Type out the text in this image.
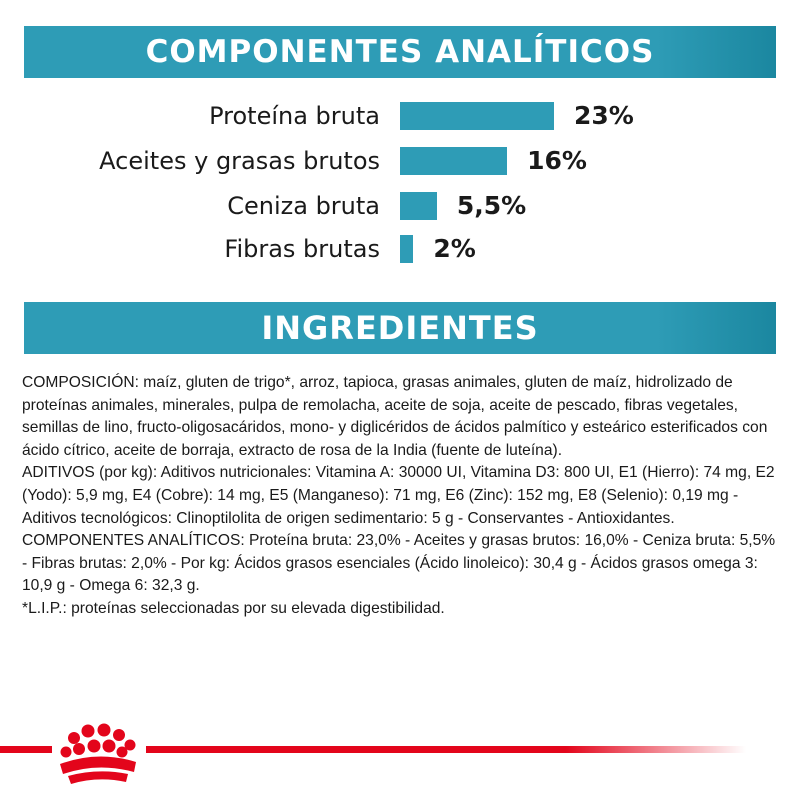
COMPONENTES ANALÍTICOS
Proteína bruta	23%
Aceites y grasas brutos	16%
Ceniza bruta	5,5%
Fibras brutas 2%
INGREDIENTES

COMPOSICIÓN: maíz, gluten de trigo*, arroz, tapioca, grasas animales, gluten de maíz, hidrolizado de proteínas animales, minerales, pulpa de remolacha, aceite de soja, aceite de pescado, fibras vegetales, semillas de lino, fructo-oligosacáridos, mono- y diglicéridos de ácidos palmítico y esteárico esterificados con ácido cítrico, aceite de borraja, extracto de rosa de la India (fuente de luteína).

ADITIVOS (por kg): Aditivos nutricionales: Vitamina A: 30000 UI, Vitamina D3: 800 UI, E1 (Hierro): 74 mg, E2 (Yodo): 5,9 mg, E4 (Cobre): 14 mg, E5 (Manganeso): 71 mg, E6 (Zinc): 152 mg, E8 (Selenio): 0,19 mg - Aditivos tecnológicos: Clinoptilolita de origen sedimentario: 5 g - Conservantes - Antioxidantes.

COMPONENTES ANALÍTICOS: Proteína bruta: 23,0% - Aceites y grasas brutos: 16,0% - Ceniza bruta: 5,5% - Fibras brutas: 2,0% - Por kg: Ácidos grasos esenciales (Ácido linoleico): 30,4 g - Ácidos grasos omega 3: 10,9 g - Omega 6: 32,3 g.

*L.I.P.: proteínas seleccionadas por su elevada digestibilidad.
